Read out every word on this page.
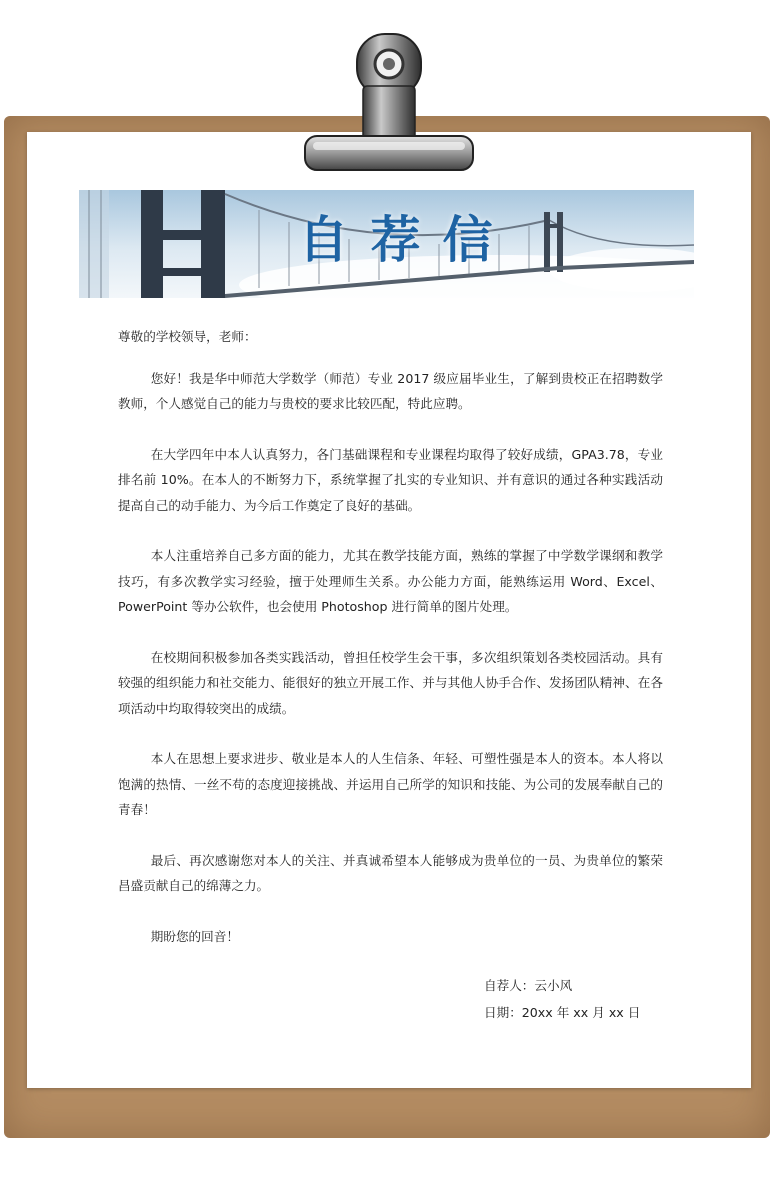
自荐信

尊敬的学校领导，老师：

您好！我是华中师范大学数学（师范）专业 2017 级应届毕业生，了解到贵校正在招聘数学教师，个人感觉自己的能力与贵校的要求比较匹配，特此应聘。

在大学四年中本人认真努力，各门基础课程和专业课程均取得了较好成绩，GPA3.78，专业排名前 10%。在本人的不断努力下，系统掌握了扎实的专业知识、并有意识的通过各种实践活动提高自己的动手能力、为今后工作奠定了良好的基础。

本人注重培养自己多方面的能力，尤其在教学技能方面，熟练的掌握了中学数学课纲和教学技巧，有多次教学实习经验，擅于处理师生关系。办公能力方面，能熟练运用 Word、Excel、PowerPoint 等办公软件，也会使用 Photoshop 进行简单的图片处理。

在校期间积极参加各类实践活动，曾担任校学生会干事，多次组织策划各类校园活动。具有较强的组织能力和社交能力、能很好的独立开展工作、并与其他人协手合作、发扬团队精神、在各项活动中均取得较突出的成绩。

本人在思想上要求进步、敬业是本人的人生信条、年轻、可塑性强是本人的资本。本人将以饱满的热情、一丝不苟的态度迎接挑战、并运用自己所学的知识和技能、为公司的发展奉献自己的青春！

最后、再次感谢您对本人的关注、并真诚希望本人能够成为贵单位的一员、为贵单位的繁荣昌盛贡献自己的绵薄之力。

期盼您的回音！

自荐人：云小风
日期：20xx 年 xx 月 xx 日
